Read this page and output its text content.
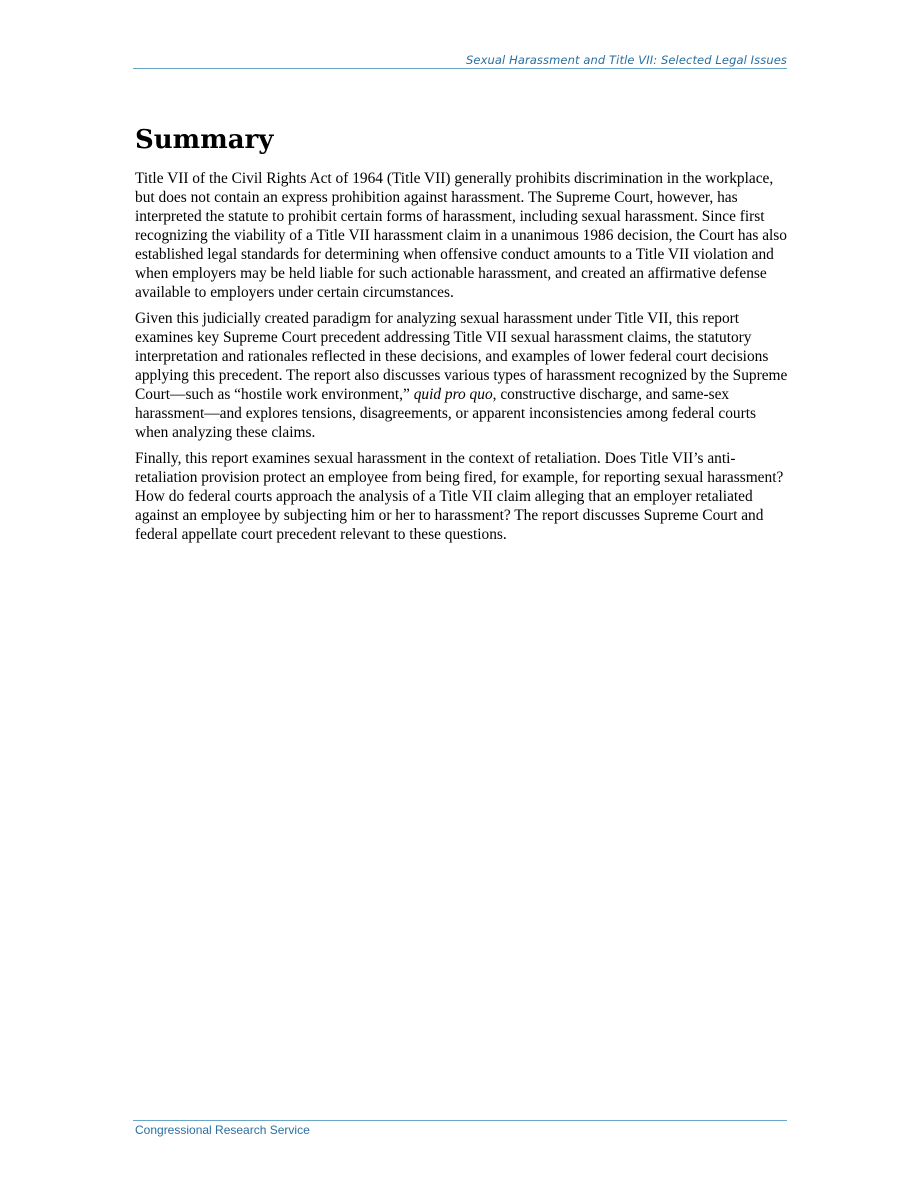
Sexual Harassment and Title VII: Selected Legal Issues
Summary

Title VII of the Civil Rights Act of 1964 (Title VII) generally prohibits discrimination in the workplace, but does not contain an express prohibition against harassment. The Supreme Court, however, has interpreted the statute to prohibit certain forms of harassment, including sexual harassment. Since first recognizing the viability of a Title VII harassment claim in a unanimous 1986 decision, the Court has also established legal standards for determining when offensive conduct amounts to a Title VII violation and when employers may be held liable for such actionable harassment, and created an affirmative defense available to employers under certain circumstances.

Given this judicially created paradigm for analyzing sexual harassment under Title VII, this report examines key Supreme Court precedent addressing Title VII sexual harassment claims, the statutory interpretation and rationales reflected in these decisions, and examples of lower federal court decisions applying this precedent. The report also discusses various types of harassment recognized by the Supreme Court—such as “hostile work environment,” quid pro quo, constructive discharge, and same-sex harassment—and explores tensions, disagreements, or apparent inconsistencies among federal courts when analyzing these claims.

Finally, this report examines sexual harassment in the context of retaliation. Does Title VII’s anti-retaliation provision protect an employee from being fired, for example, for reporting sexual harassment? How do federal courts approach the analysis of a Title VII claim alleging that an employer retaliated against an employee by subjecting him or her to harassment? The report discusses Supreme Court and federal appellate court precedent relevant to these questions.

Congressional Research Service
